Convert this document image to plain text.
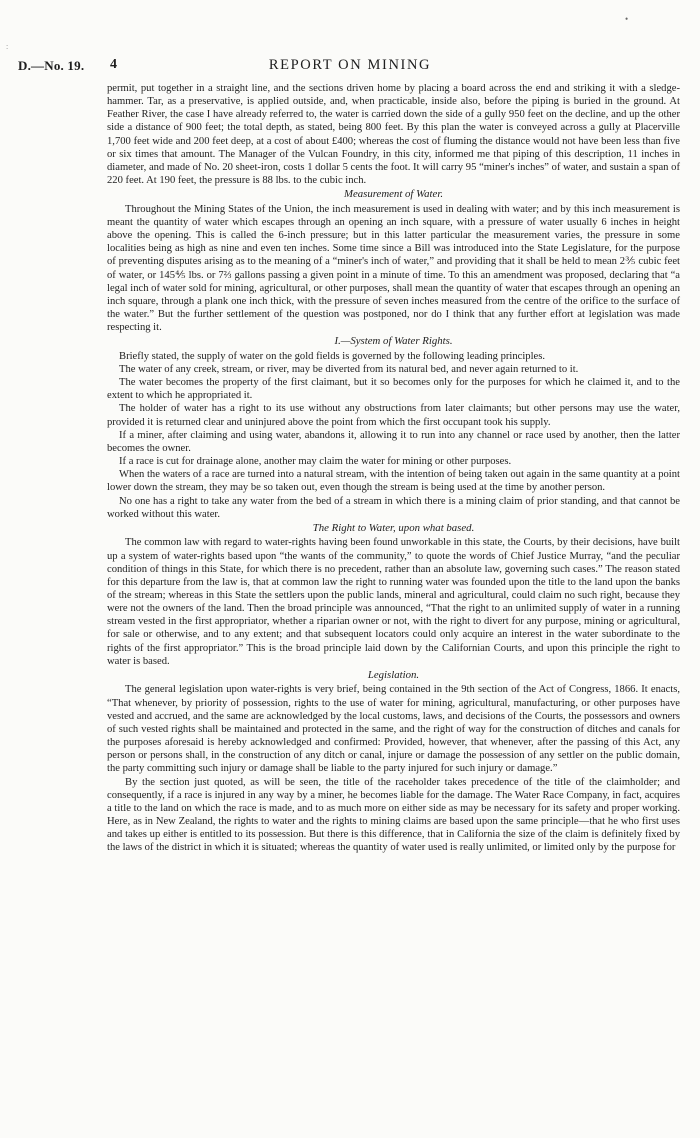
:
D.—No. 19. 4	REPORT ON MINING
•

permit, put together in a straight line, and the sections driven home by placing a board across the end and striking it with a sledge-hammer. Tar, as a preservative, is applied outside, and, when practicable, inside also, before the piping is buried in the ground. At Feather River, the case I have already referred to, the water is carried down the side of a gully 950 feet on the decline, and up the other side a distance of 900 feet; the total depth, as stated, being 800 feet. By this plan the water is conveyed across a gully at Placerville 1,700 feet wide and 200 feet deep, at a cost of about £400; whereas the cost of fluming the distance would not have been less than five or six times that amount. The Manager of the Vulcan Foundry, in this city, informed me that piping of this description, 11 inches in diameter, and made of No. 20 sheet-iron, costs 1 dollar 5 cents the foot. It will carry 95 “miner's inches” of water, and sustain a span of 220 feet. At 190 feet, the pressure is 88 lbs. to the cubic inch.

Measurement of Water.

Throughout the Mining States of the Union, the inch measurement is used in dealing with water; and by this inch measurement is meant the quantity of water which escapes through an opening an inch square, with a pressure of water usually 6 inches in height above the opening. This is called the 6-inch pressure; but in this latter particular the measurement varies, the pressure in some localities being as high as nine and even ten inches. Some time since a Bill was introduced into the State Legislature, for the purpose of preventing disputes arising as to the meaning of a “miner's inch of water,” and providing that it shall be held to mean 2⅗ cubic feet of water, or 145⅘ lbs. or 7⅔ gallons passing a given point in a minute of time. To this an amendment was proposed, declaring that “a legal inch of water sold for mining, agricultural, or other purposes, shall mean the quantity of water that escapes through an opening an inch square, through a plank one inch thick, with the pressure of seven inches measured from the centre of the orifice to the surface of the water.” But the further settlement of the question was postponed, nor do I think that any further effort at legislation was made respecting it.

I.—System of Water Rights.

Briefly stated, the supply of water on the gold fields is governed by the following leading principles.

The water of any creek, stream, or river, may be diverted from its natural bed, and never again returned to it.

The water becomes the property of the first claimant, but it so becomes only for the purposes for which he claimed it, and to the extent to which he appropriated it.

The holder of water has a right to its use without any obstructions from later claimants; but other persons may use the water, provided it is returned clear and uninjured above the point from which the first occupant took his supply.

If a miner, after claiming and using water, abandons it, allowing it to run into any channel or race used by another, then the latter becomes the owner.

If a race is cut for drainage alone, another may claim the water for mining or other purposes.

When the waters of a race are turned into a natural stream, with the intention of being taken out again in the same quantity at a point lower down the stream, they may be so taken out, even though the stream is being used at the time by another person.

No one has a right to take any water from the bed of a stream in which there is a mining claim of prior standing, and that cannot be worked without this water.

The Right to Water, upon what based.

The common law with regard to water-rights having been found unworkable in this state, the Courts, by their decisions, have built up a system of water-rights based upon “the wants of the community,” to quote the words of Chief Justice Murray, “and the peculiar condition of things in this State, for which there is no precedent, rather than an absolute law, governing such cases.” The reason stated for this departure from the law is, that at common law the right to running water was founded upon the title to the land upon the banks of the stream; whereas in this State the settlers upon the public lands, mineral and agricultural, could claim no such right, because they were not the owners of the land. Then the broad principle was announced, “That the right to an unlimited supply of water in a running stream vested in the first appropriator, whether a riparian owner or not, with the right to divert for any purpose, mining or agricultural, for sale or otherwise, and to any extent; and that subsequent locators could only acquire an interest in the water subordinate to the rights of the first appropriator.” This is the broad principle laid down by the Californian Courts, and upon this principle the right to water is based.

Legislation.

The general legislation upon water-rights is very brief, being contained in the 9th section of the Act of Congress, 1866. It enacts, “That whenever, by priority of possession, rights to the use of water for mining, agricultural, manufacturing, or other purposes have vested and accrued, and the same are acknowledged by the local customs, laws, and decisions of the Courts, the possessors and owners of such vested rights shall be maintained and protected in the same, and the right of way for the construction of ditches and canals for the purposes aforesaid is hereby acknowledged and confirmed: Provided, however, that whenever, after the passing of this Act, any person or persons shall, in the construction of any ditch or canal, injure or damage the possession of any settler on the public domain, the party committing such injury or damage shall be liable to the party injured for such injury or damage.”

By the section just quoted, as will be seen, the title of the raceholder takes precedence of the title of the claimholder; and consequently, if a race is injured in any way by a miner, he becomes liable for the damage. The Water Race Company, in fact, acquires a title to the land on which the race is made, and to as much more on either side as may be necessary for its safety and proper working. Here, as in New Zealand, the rights to water and the rights to mining claims are based upon the same principle—that he who first uses and takes up either is entitled to its possession. But there is this difference, that in California the size of the claim is definitely fixed by the laws of the district in which it is situated; whereas the quantity of water used is really unlimited, or limited only by the purpose for
